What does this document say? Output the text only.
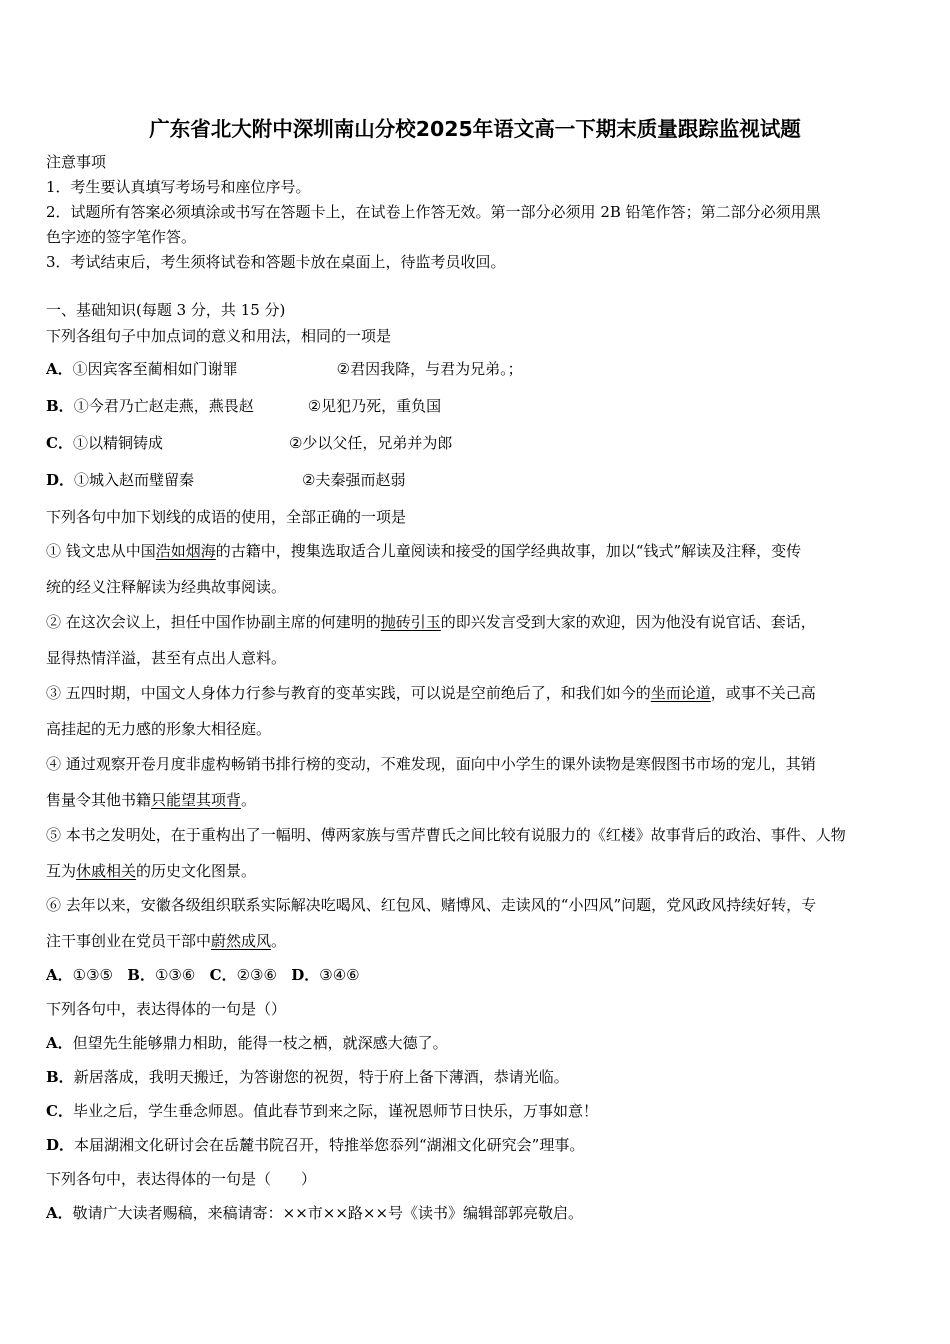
广东省北大附中深圳南山分校2025年语文高一下期末质量跟踪监视试题
注意事项
1．考生要认真填写考场号和座位序号。
2．试题所有答案必须填涂或书写在答题卡上，在试卷上作答无效。第一部分必须用 2B 铅笔作答；第二部分必须用黑
色字迹的签字笔作答。
3．考试结束后，考生须将试卷和答题卡放在桌面上，待监考员收回。
一、基础知识(每题 3 分，共 15 分)
下列各组句子中加点词的意义和用法，相同的一项是
A．①因宾客至蔺相如门谢罪	②君因我降，与君为兄弟。；
B．①今君乃亡赵走燕，燕畏赵	②见犯乃死，重负国
C．①以精铜铸成	②少以父任，兄弟并为郎
D．①城入赵而璧留秦	②夫秦强而赵弱
下列各句中加下划线的成语的使用，全部正确的一项是
① 钱文忠从中国浩如烟海的古籍中，搜集选取适合儿童阅读和接受的国学经典故事，加以“钱式”解读及注释，变传
统的经义注释解读为经典故事阅读。
② 在这次会议上，担任中国作协副主席的何建明的抛砖引玉的即兴发言受到大家的欢迎，因为他没有说官话、套话，
显得热情洋溢，甚至有点出人意料。
③ 五四时期，中国文人身体力行参与教育的变革实践，可以说是空前绝后了，和我们如今的坐而论道，或事不关己高
高挂起的无力感的形象大相径庭。
④ 通过观察开卷月度非虚构畅销书排行榜的变动，不难发现，面向中小学生的课外读物是寒假图书市场的宠儿，其销
售量令其他书籍只能望其项背。
⑤ 本书之发明处，在于重构出了一幅明、傅两家族与雪芹曹氏之间比较有说服力的《红楼》故事背后的政治、事件、人物
互为休戚相关的历史文化图景。
⑥ 去年以来，安徽各级组织联系实际解决吃喝风、红包风、赌博风、走读风的“小四风”问题，党风政风持续好转，专
注干事创业在党员干部中蔚然成风。
A．①③⑤ B．①③⑥ C．②③⑥ D．③④⑥
下列各句中，表达得体的一句是（）
A．但望先生能够鼎力相助，能得一枝之栖，就深感大德了。
B．新居落成，我明天搬迁，为答谢您的祝贺，特于府上备下薄酒，恭请光临。
C．毕业之后，学生垂念师恩。值此春节到来之际，谨祝恩师节日快乐，万事如意！
D．本届湖湘文化研讨会在岳麓书院召开，特推举您忝列“湖湘文化研究会”理事。
下列各句中，表达得体的一句是（　　）
A．敬请广大读者赐稿，来稿请寄：××市××路××号《读书》编辑部郭亮敬启。
